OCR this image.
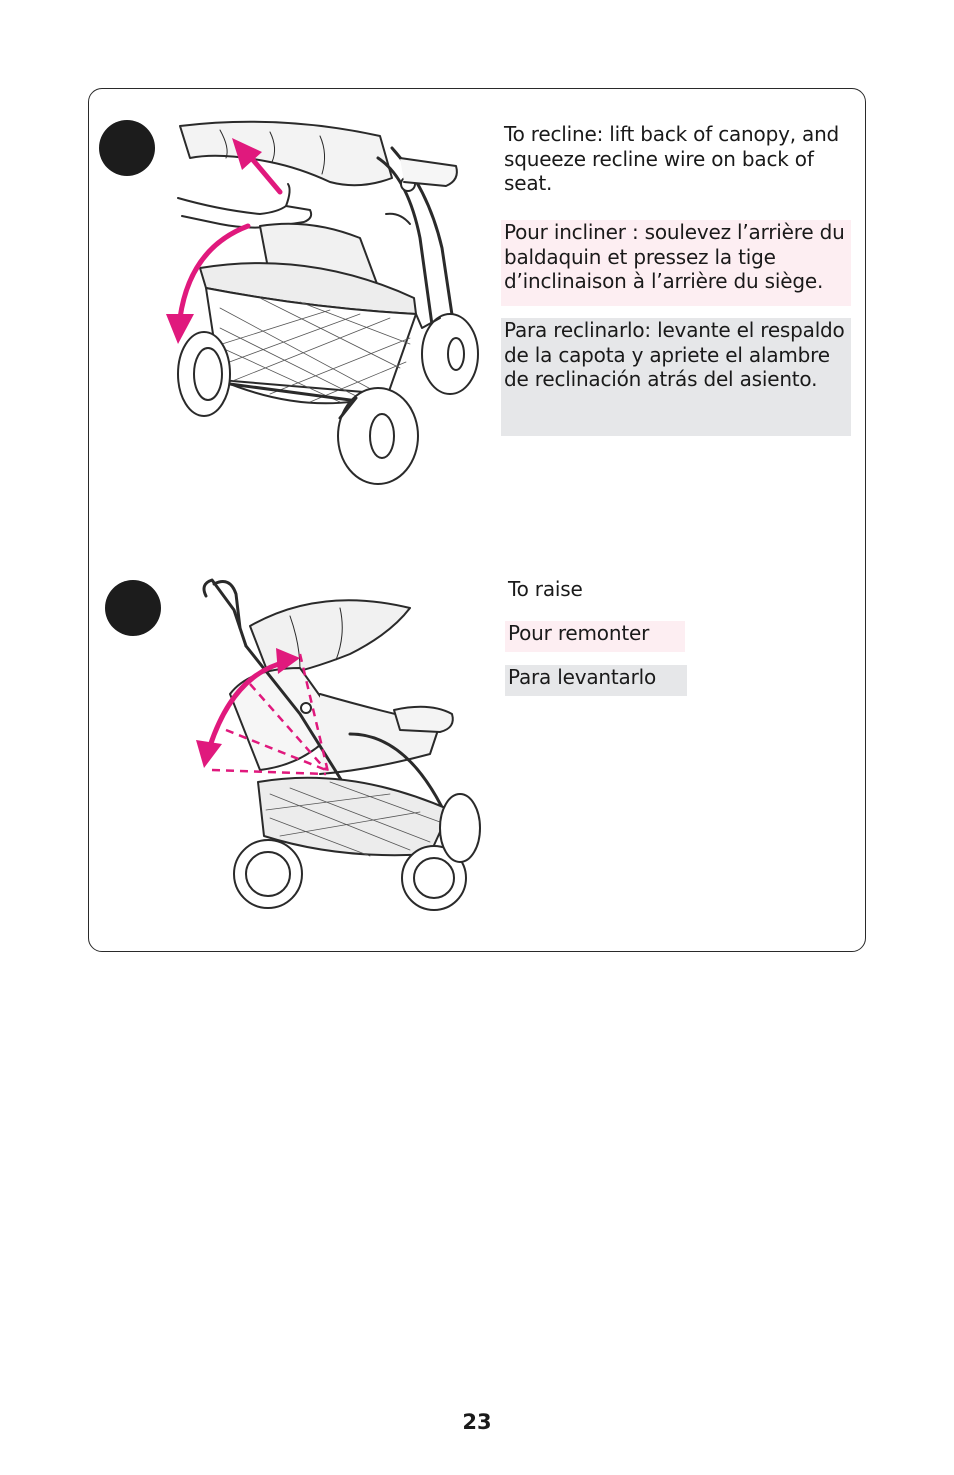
To recline: lift back of canopy, and squeeze recline wire on back of seat.
Pour incliner : soulevez l’arrière du baldaquin et pressez la tige d’inclinaison à l’arrière du siège.
Para reclinarlo: levante el respaldo de la capota y apriete el alambre de reclinación atrás del asiento.
To raise
Pour remonter
Para levantarlo
23
